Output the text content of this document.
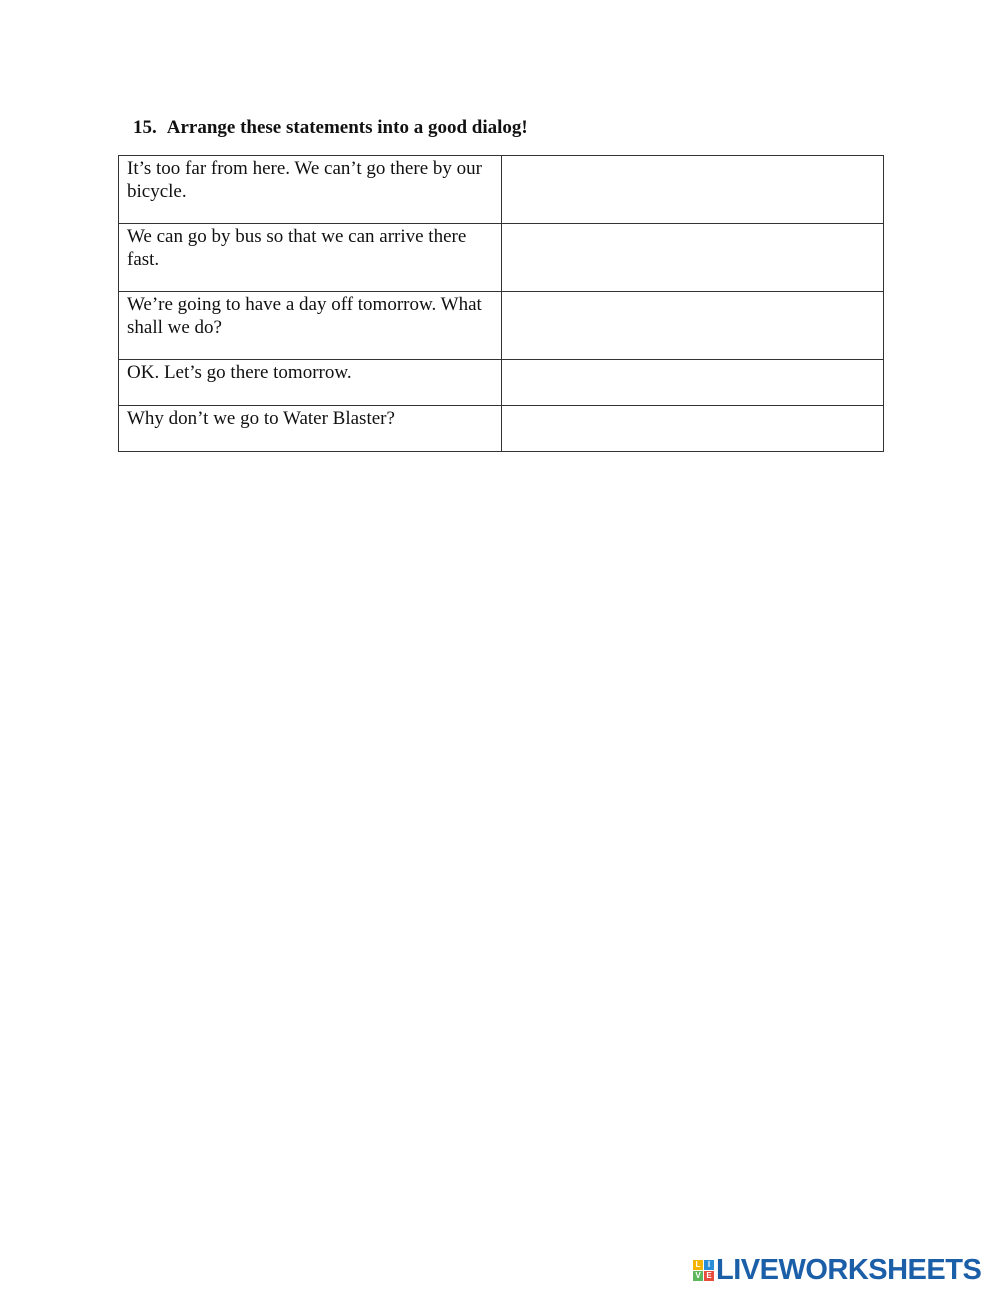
15. Arrange these statements into a good dialog!
It’s too far from here. We can’t go there by our bicycle.

We can go by bus so that we can arrive there fast.

We’re going to have a day off tomorrow. What shall we do?

OK. Let’s go there tomorrow.

Why don’t we go to Water Blaster?

L I
V E LIVEWORKSHEETS
